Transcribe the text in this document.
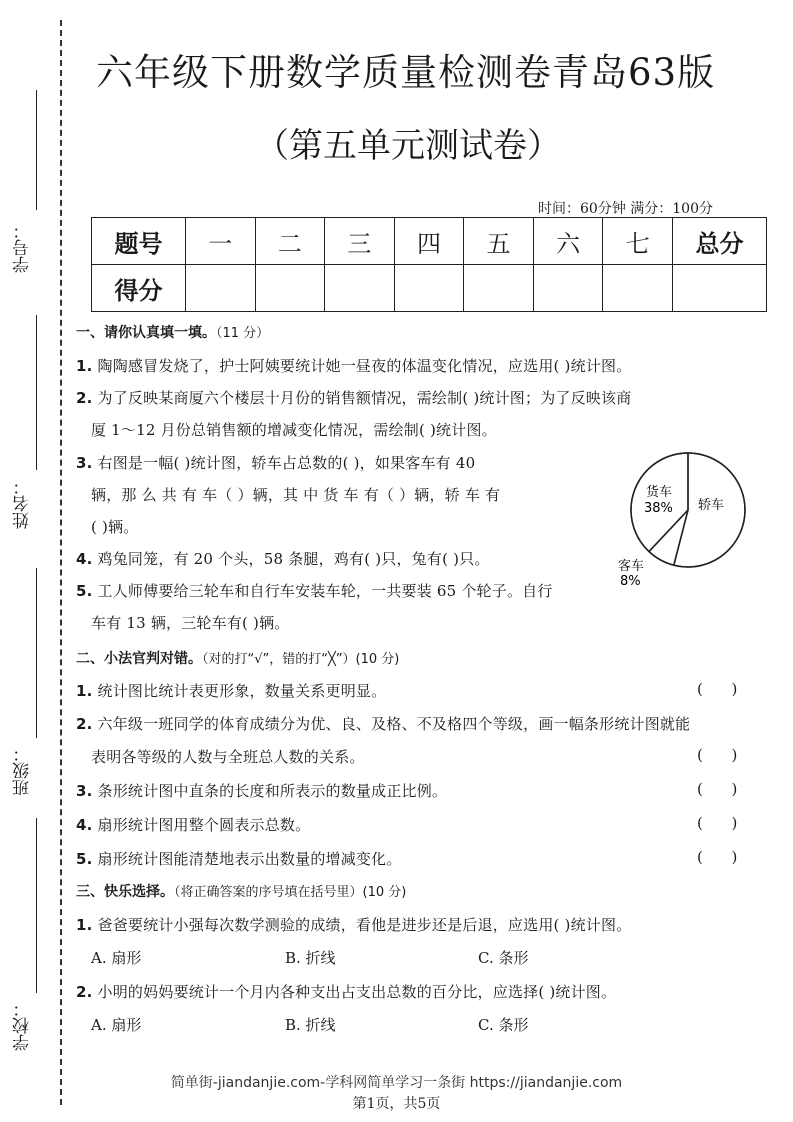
学号：
姓名：
班级：
学校：
六年级下册数学质量检测卷青岛63版
（第五单元测试卷）
时间：60分钟 满分：100分
题号	一	二	三	四	五	六	七	总分
得分								
一、请你认真填一填。（11 分）
1. 陶陶感冒发烧了，护士阿姨要统计她一昼夜的体温变化情况，应选用( )统计图。
2. 为了反映某商厦六个楼层十月份的销售额情况，需绘制( )统计图；为了反映该商
厦 1～12 月份总销售额的增减变化情况，需绘制( )统计图。
3. 右图是一幅( )统计图，轿车占总数的( )，如果客车有 40
辆，那 么 共 有 车（ ）辆，其 中 货 车 有（ ）辆，轿 车 有
( )辆。
4. 鸡兔同笼，有 20 个头，58 条腿，鸡有( )只，兔有( )只。
5. 工人师傅要给三轮车和自行车安装车轮，一共要装 65 个轮子。自行
车有 13 辆，三轮车有( )辆。
货车
38% 轿车
客车
8%
二、小法官判对错。（对的打“√”，错的打“╳”）(10 分)
1. 统计图比统计表更形象，数量关系更明显。	(      )
2. 六年级一班同学的体育成绩分为优、良、及格、不及格四个等级，画一幅条形统计图就能
表明各等级的人数与全班总人数的关系。	(      )
3. 条形统计图中直条的长度和所表示的数量成正比例。	(      )
4. 扇形统计图用整个圆表示总数。	(      )
5. 扇形统计图能清楚地表示出数量的增减变化。	(      )
三、快乐选择。（将正确答案的序号填在括号里）(10 分)
1. 爸爸要统计小强每次数学测验的成绩，看他是进步还是后退，应选用( )统计图。
A. 扇形	B. 折线	C. 条形
2. 小明的妈妈要统计一个月内各种支出占支出总数的百分比，应选择( )统计图。
A. 扇形	B. 折线	C. 条形
简单街-jiandanjie.com-学科网简单学习一条街 https://jiandanjie.com
第1页，共5页
